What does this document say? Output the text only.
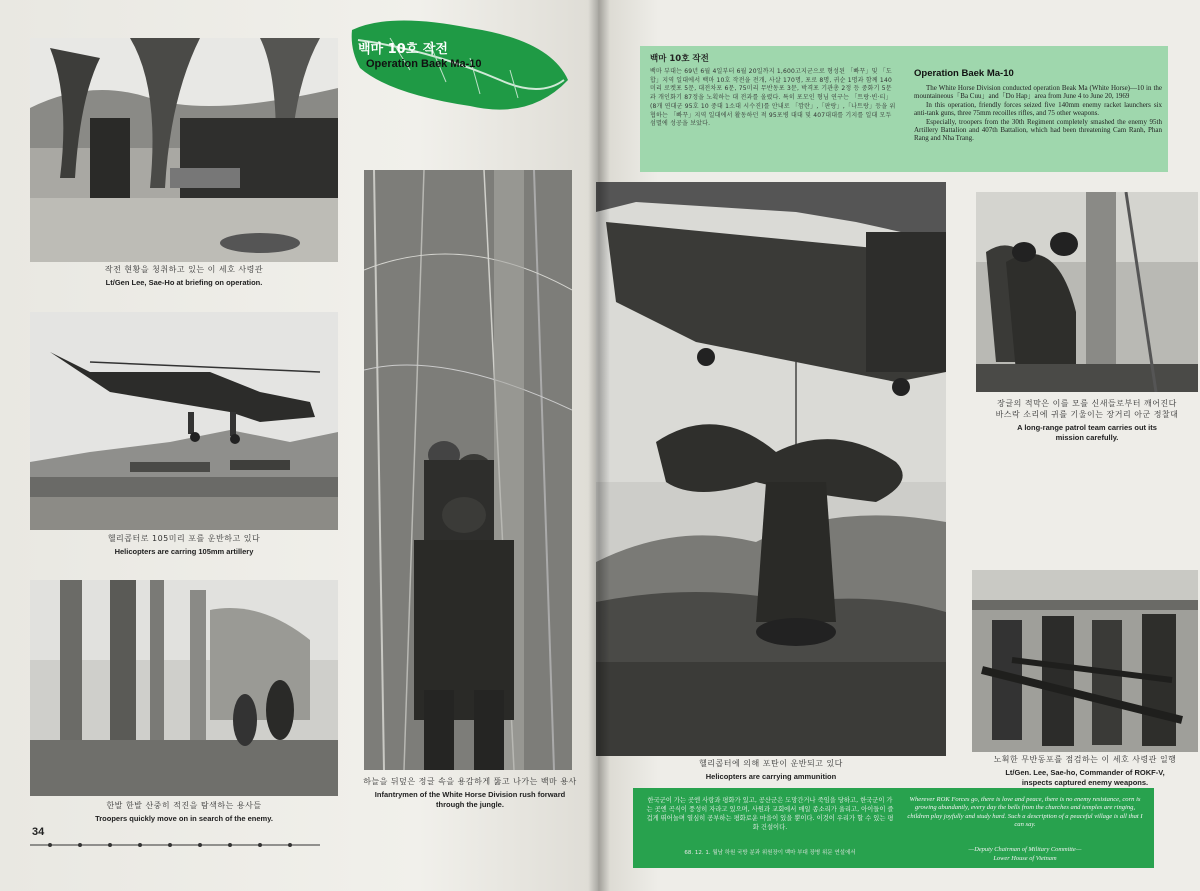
작전 현황을 청취하고 있는 이 세호 사령관
Lt/Gen Lee, Sae-Ho at briefing on operation.
헬리콥터로 105미리 포를 운반하고 있다
Helicopters are carring 105mm artillery
한발 한발 산중히 적진을 탐색하는 용사들
Troopers quickly move on in search of the enemy.
하늘을 뒤덮은 정글 속을 용감하게 뚫고 나가는 백마 용사
Infantrymen of the White Horse Division rush forward
through the jungle.
백마 10호 작전
Operation Baek Ma-10
34
백마 10호 작전
백마 부대는 69년 6월 4일부터 6월 20일까지 1,600고지군으로 형성된 「빠꾸」및 「도합」지역 일대에서 백마 10호 작전을 전개, 사살 170명, 포로 8명, 귀순 1명과 함께 140미리 로켓포 5문, 대전차포 6문, 75미리 무반동포 3문, 박격포 기관총 2정 등 중화기 5문과 개인화기 87정을 노획하는 대 전과를 올렸다. 특히 포모인 형님 연구는 「트랑·빈·티」(8개 연대군 95호 10 중대 1소대 시수진)를 안내로 「깜란」,「판랑」,「나트랑」등을 위협하는 「빠꾸」지역 일대에서 활동하던 적 95포병 대대 및 407대대를 기지를 일대 모두 섬멸에 성공을 보았다.
Operation Baek Ma-10
The White Horse Division conducted operation Beak Ma (White Horse)—10 in the mountaineous「Ba Cuu」and「Do Hap」area from June 4 to June 20, 1969
In this operation, friendly forces seized five 140mm enemy racket launchers six anti-tank guns, three 75mm recoilles rifles, and 75 other weapons.
Especially, troopers from the 30th Regiment completely smashed the enemy 95th Artillery Battalion and 407th Battalion, which had been threatening Cam Ranh, Phan Rang and Nha Trang.
헬리콥터에 의해 포탄이 운반되고 있다
Helicopters are carrying ammunition
장글의 적막은 이를 모를 신새들로부터 깨어진다
바스락 소리에 귀를 기울이는 장거리 아군 정찰대
A long-range patrol team carries out its
mission carefully.
노획한 무반동포를 점검하는 이 세호 사령관 일행
Lt/Gen. Lee, Sae-ho, Commander of ROKF-V,
inspects captured enemy weapons.
한국군이 가는 곳엔 사랑과 평화가 있고, 공산군은 도망간거나 죽임을 당하고, 한국군이 가는 곳엔 곡식이 풍성히 자라고 있으며, 사원과 교회에서 매일 종소리가 울리고, 아이들이 즐겁게 뛰어놀며 열심히 공부하는 평화로운 마을이 있을 뿐이다. 이것이 우리가 할 수 있는 평화 건설이다.
68. 12. 1. 월남 하원 국방 분과 위원장이 백마 부대 장병 위문 연설에서
Wherever ROK Forces go, there is love and peace, there is no enemy resistance, corn is growing abundantly, every day the bells from the churches and temples are ringing, children play joyfully and study hard. Such a description of a peaceful village is all that I can say.
—Deputy Chairman of Military Committe—
Lower House of Vietnam
